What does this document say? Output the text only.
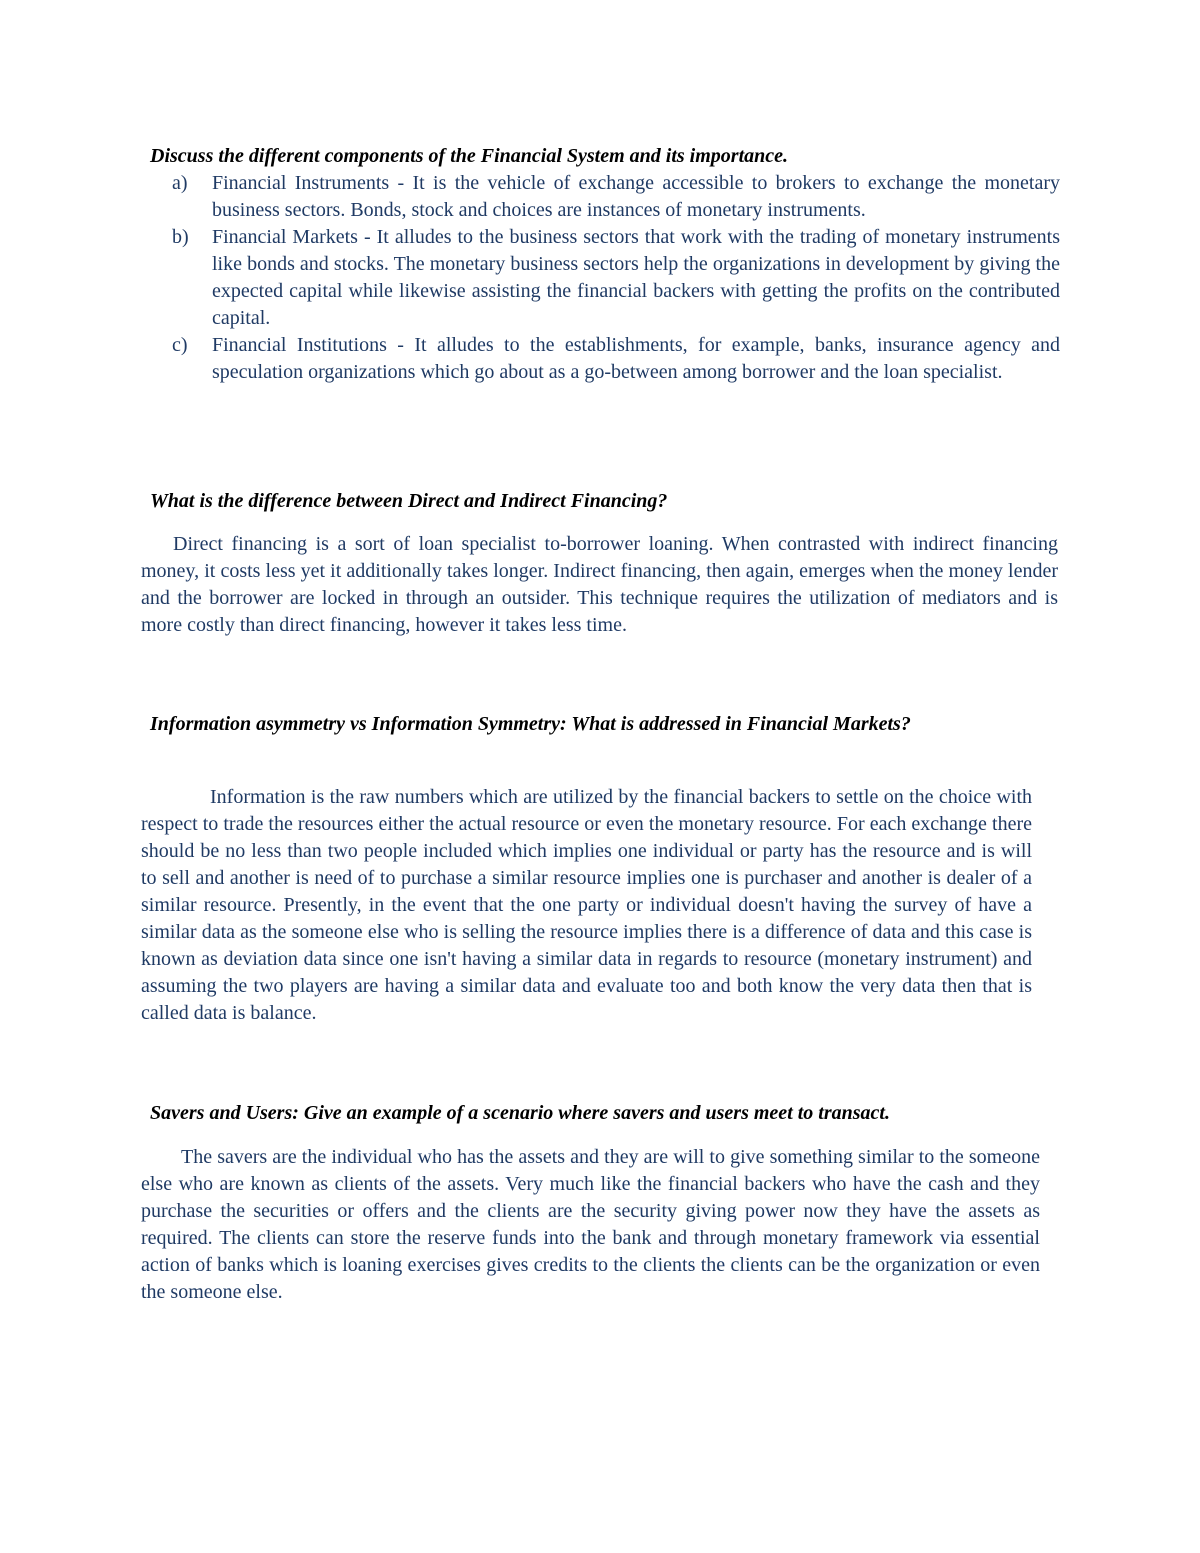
Discuss the different components of the Financial System and its importance.

a) Financial Instruments - It is the vehicle of exchange accessible to brokers to exchange the monetary business sectors. Bonds, stock and choices are instances of monetary instruments.
b) Financial Markets - It alludes to the business sectors that work with the trading of monetary instruments like bonds and stocks. The monetary business sectors help the organizations in development by giving the expected capital while likewise assisting the financial backers with getting the profits on the contributed capital.
c) Financial Institutions - It alludes to the establishments, for example, banks, insurance agency and speculation organizations which go about as a go-between among borrower and the loan specialist.

What is the difference between Direct and Indirect Financing?

Direct financing is a sort of loan specialist to-borrower loaning. When contrasted with indirect financing money, it costs less yet it additionally takes longer. Indirect financing, then again, emerges when the money lender and the borrower are locked in through an outsider. This technique requires the utilization of mediators and is more costly than direct financing, however it takes less time.

Information asymmetry vs Information Symmetry: What is addressed in Financial Markets?

Information is the raw numbers which are utilized by the financial backers to settle on the choice with respect to trade the resources either the actual resource or even the monetary resource. For each exchange there should be no less than two people included which implies one individual or party has the resource and is will to sell and another is need of to purchase a similar resource implies one is purchaser and another is dealer of a similar resource. Presently, in the event that the one party or individual doesn't having the survey of have a similar data as the someone else who is selling the resource implies there is a difference of data and this case is known as deviation data since one isn't having a similar data in regards to resource (monetary instrument) and assuming the two players are having a similar data and evaluate too and both know the very data then that is called data is balance.

Savers and Users: Give an example of a scenario where savers and users meet to transact.

The savers are the individual who has the assets and they are will to give something similar to the someone else who are known as clients of the assets. Very much like the financial backers who have the cash and they purchase the securities or offers and the clients are the security giving power now they have the assets as required. The clients can store the reserve funds into the bank and through monetary framework via essential action of banks which is loaning exercises gives credits to the clients the clients can be the organization or even the someone else.
